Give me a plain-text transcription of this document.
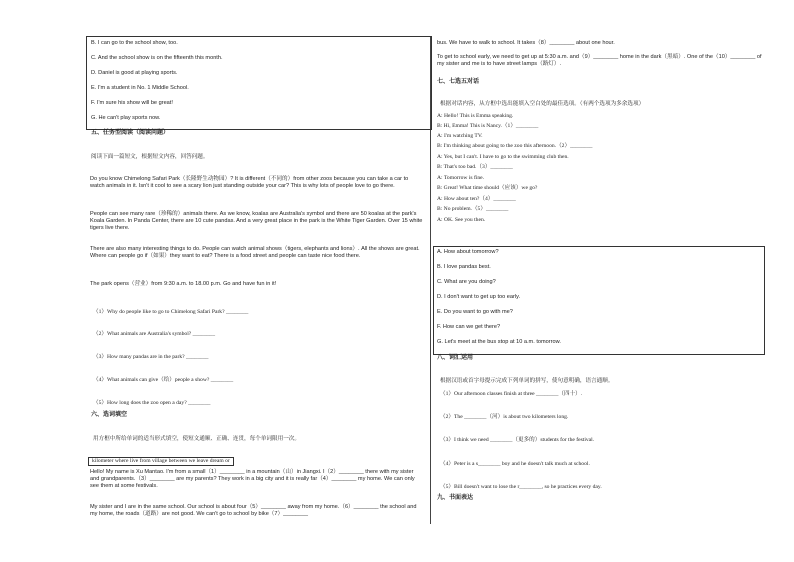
B. I can go to the school show, too.
C. And the school show is on the fifteenth this month.
D. Daniel is good at playing sports.
E. I'm a student in No. 1 Middle School.
F. I'm sure his show will be great!
G. He can't play sports now.
五、任务型阅读（阅读问题）
阅读下面一篇短文，根据短文内容，回答问题。
Do you know Chimelong Safari Park（长隆野生动物园）? It is different（不同的）from other zoos because you can take a car to watch animals in it. Isn't it cool to see a scary lion just standing outside your car? This is why lots of people love to go there.
People can see many rare（珍稀的）animals there. As we know, koalas are Australia's symbol and there are 50 koalas at the park's Koala Garden. In Panda Center, there are 10 cute pandas. And a very great place in the park is the White Tiger Garden. Over 15 white tigers live there.
There are also many interesting things to do. People can watch animal shows（tigers, elephants and lions）. All the shows are great. Where can people go if（如果）they want to eat? There is a food street and people can taste nice food there.
The park opens（营业）from 9:30 a.m. to 18.00 p.m. Go and have fun in it!
（1）Why do people like to go to Chimelong Safari Park? ________
（2）What animals are Australia's symbol? ________
（3）How many pandas are in the park? ________
（4）What animals can give（给）people a show? ________
（5）How long does the zoo open a day? ________
六、选词填空
用方框中所给单词的适当形式填空，使短文通顺、正确、连贯，每个单词限用一次。
kilometer where live from village between we leave dream or
Hello! My name is Xu Mantao. I'm from a small（1）________ in a mountain（山）in Jiangxi. I（2）________ there with my sister and grandparents.（3）________ are my parents? They work in a big city and it is really far（4）________ my home. We can only see them at some festivals.
My sister and I are in the same school. Our school is about four（5）________ away from my home.（6）________ the school and my home, the roads（道路）are not good. We can't go to school by bike（7）________
bus. We have to walk to school. It takes（8）________ about one hour.
To get to school early, we need to get up at 5:30 a.m. and（9）________ home in the dark（黑暗）. One of the（10）________ of my sister and me is to have street lamps（路灯）.
七、七选五对话
根据对话内容，从方框中选出能填入空白处的最佳选项。（有两个选项为多余选项）
A: Hello! This is Emma speaking.
B: Hi, Emma! This is Nancy.（1）________
A: I'm watching TV.
B: I'm thinking about going to the zoo this afternoon.（2）________
A: Yes, but I can't. I have to go to the swimming club then.
B: That's too bad.（3）________
A: Tomorrow is fine.
B: Great! What time should（应该）we go?
A: How about ten?（4）________
B: No problem.（5）________
A: OK. See you then.
A. How about tomorrow?
B. I love pandas best.
C. What are you doing?
D. I don't want to get up too early.
E. Do you want to go with me?
F. How can we get there?
G. Let's meet at the bus stop at 10 a.m. tomorrow.
八、词汇运用
根据汉语或首字母提示完成下列单词的拼写，使句意明确，语言通顺。
（1）Our afternoon classes finish at three ________（四十）.
（2）The ________（河）is about two kilometers long.
（3）I think we need ________（更多的）students for the festival.
（4）Peter is a s________ boy and he doesn't talk much at school.
（5）Bill doesn't want to lose the r________, so he practices every day.
九、书面表达
